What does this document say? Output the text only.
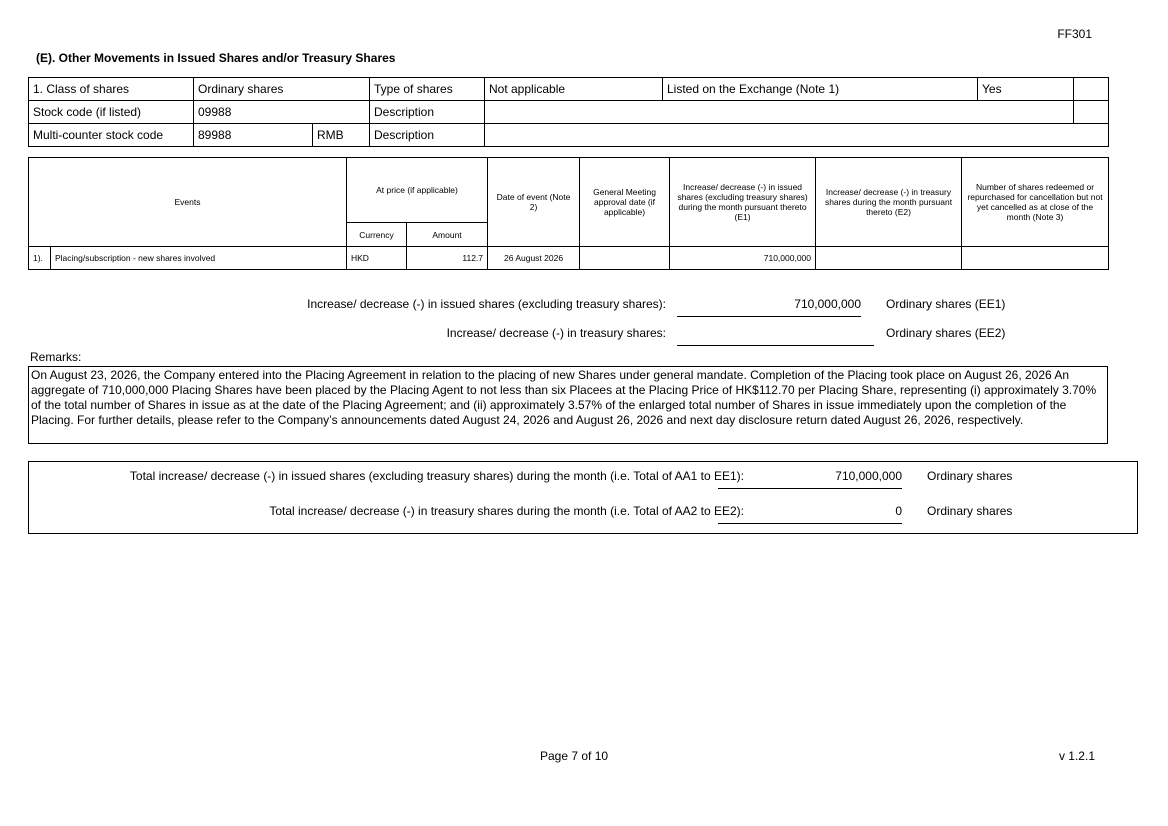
FF301
(E). Other Movements in Issued Shares and/or Treasury Shares
1. Class of shares	Ordinary shares		Type of shares	Not applicable	Listed on the Exchange (Note 1)	Yes	
Stock code (if listed)	09988		Description				
Multi-counter stock code	89988	RMB	Description				
Events		At price (if applicable)		Date of event (Note 2)	General Meeting approval date (if applicable)	Increase/ decrease (-) in issued shares (excluding treasury shares) during the month pursuant thereto (E1)	Increase/ decrease (-) in treasury shares during the month pursuant thereto (E2)	Number of shares redeemed or repurchased for cancellation but not yet cancelled as at close of the month (Note 3)
		Currency	Amount					
1).	Placing/subscription - new shares involved	HKD	112.7	26 August 2026		710,000,000		
Increase/ decrease (-) in issued shares (excluding treasury shares):	710,000,000 Ordinary shares (EE1)
Increase/ decrease (-) in treasury shares:	Ordinary shares (EE2)
Remarks:
On August 23, 2026, the Company entered into the Placing Agreement in relation to the placing of new Shares under general mandate. Completion of the Placing took place on August 26, 2026 An aggregate of 710,000,000 Placing Shares have been placed by the Placing Agent to not less than six Placees at the Placing Price of HK$112.70 per Placing Share, representing (i) approximately 3.70% of the total number of Shares in issue as at the date of the Placing Agreement; and (ii) approximately 3.57% of the enlarged total number of Shares in issue immediately upon the completion of the Placing. For further details, please refer to the Company’s announcements dated August 24, 2026 and August 26, 2026 and next day disclosure return dated August 26, 2026, respectively.
Total increase/ decrease (-) in issued shares (excluding treasury shares) during the month (i.e. Total of AA1 to EE1):	710,000,000 Ordinary shares
Total increase/ decrease (-) in treasury shares during the month (i.e. Total of AA2 to EE2):	0 Ordinary shares
Page 7 of 10	v 1.2.1
